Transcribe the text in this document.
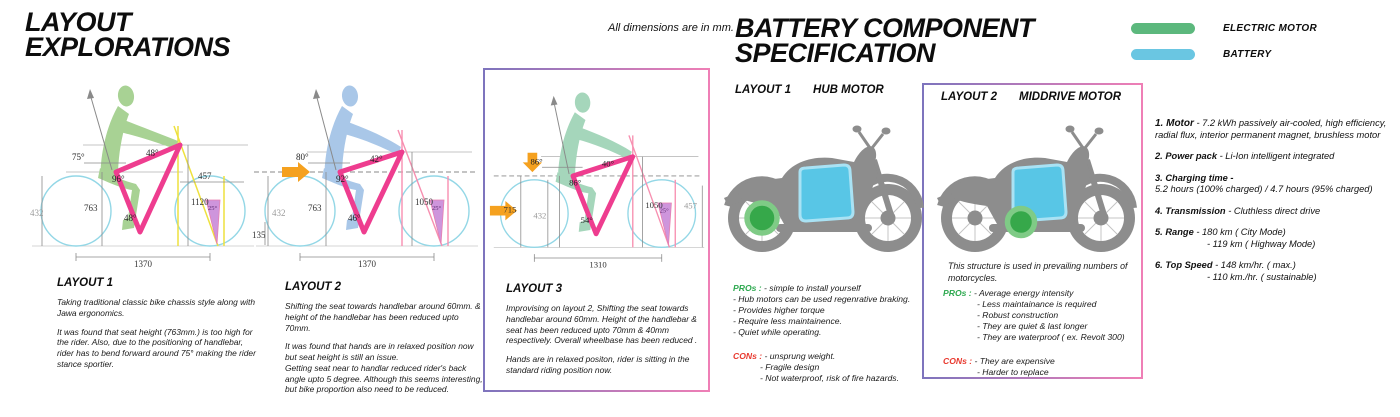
LAYOUT
EXPLORATIONS
All dimensions are in mm.
25°
75°
96°
48°
48°
763
1120
457
432
1370
25°
80°
92°
42°
46°
763
1050
432
135
1370
25°
86°
86°
40°
54°
715	1050
432
457
1310
LAYOUT 1
Taking traditional classic bike chassis style along with Jawa ergonomics.
It was found that seat height (763mm.) is too high for the rider. Also, due to the positioning of handlebar, rider has to bend forward around 75° making the rider stance sportier.
LAYOUT 2
Shifting the seat towards handlebar around 60mm. & height of the handlebar has been reduced upto 70mm.
It was found that hands are in relaxed position now but seat height is still an issue.
Getting seat near to handlar reduced rider's back angle upto 5 degree. Although this seems interesting, but bike proportion also need to be reduced.
LAYOUT 3
Improvising on layout 2, Shifting the seat towards handlebar around 60mm. Height of the handlebar & seat has been reduced upto 70mm & 40mm respectively. Overall wheelbase has been reduced .
Hands are in relaxed positon, rider is sitting in the standard riding position now.
BATTERY COMPONENT
SPECIFICATION
ELECTRIC MOTOR
BATTERY
LAYOUT 1 HUB MOTOR
LAYOUT 2 MIDDRIVE MOTOR
PROs : - simple to install yourself
- Hub motors can be used regenrative braking.
- Provides higher torque
- Require less maintainence.
- Quiet while operating.
CONs : - unsprung weight.
- Fragile design
- Not waterproof, risk of fire hazards.
This structure is used in prevailing numbers of motorcycles.
PROs : - Average energy intensity
- Less maintainance is required
- Robust construction
- They are quiet & last longer
- They are waterproof ( ex. Revolt 300)
CONs : - They are expensive
- Harder to replace
1. Motor - 7.2 kWh passively air-cooled, high efficiency, radial flux, interior permanent magnet, brushless motor
2. Power pack - Li-Ion intelligent integrated
3. Charging time -
5.2 hours (100% charged) / 4.7 hours (95% charged)
4. Transmission - Cluthless direct drive
5. Range - 180 km ( City Mode)
- 119 km ( Highway Mode)
6. Top Speed - 148 km/hr. ( max.)
- 110 km./hr. ( sustainable)
